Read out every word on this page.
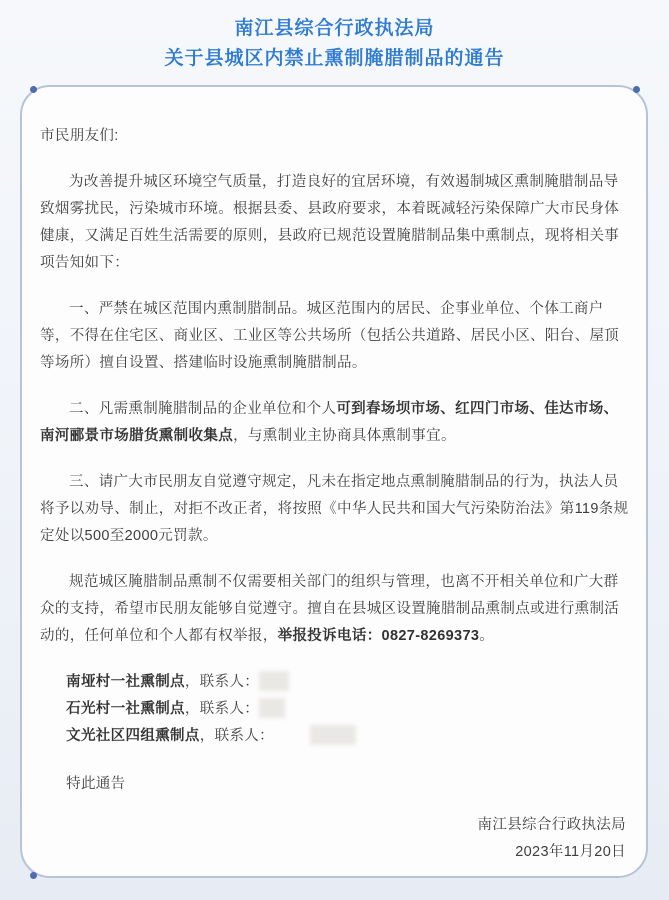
南江县综合行政执法局
关于县城区内禁止熏制腌腊制品的通告

市民朋友们:

为改善提升城区环境空气质量，打造良好的宜居环境，有效遏制城区熏制腌腊制品导致烟雾扰民，污染城市环境。根据县委、县政府要求，本着既减轻污染保障广大市民身体健康，又满足百姓生活需要的原则，县政府已规范设置腌腊制品集中熏制点，现将相关事项告知如下：

一、严禁在城区范围内熏制腊制品。城区范围内的居民、企事业单位、个体工商户等，不得在住宅区、商业区、工业区等公共场所（包括公共道路、居民小区、阳台、屋顶等场所）擅自设置、搭建临时设施熏制腌腊制品。

二、凡需熏制腌腊制品的企业单位和个人可到春场坝市场、红四门市场、佳达市场、南河郦景市场腊货熏制收集点，与熏制业主协商具体熏制事宜。

三、请广大市民朋友自觉遵守规定，凡未在指定地点熏制腌腊制品的行为，执法人员将予以劝导、制止，对拒不改正者，将按照《中华人民共和国大气污染防治法》第119条规定处以500至2000元罚款。

规范城区腌腊制品熏制不仅需要相关部门的组织与管理，也离不开相关单位和广大群众的支持，希望市民朋友能够自觉遵守。擅自在县城区设置腌腊制品熏制点或进行熏制活动的，任何单位和个人都有权举报，举报投诉电话：0827-8269373。

南垭村一社熏制点，联系人：

石光村一社熏制点，联系人：

文光社区四组熏制点，联系人：

特此通告

南江县综合行政执法局

2023年11月20日
